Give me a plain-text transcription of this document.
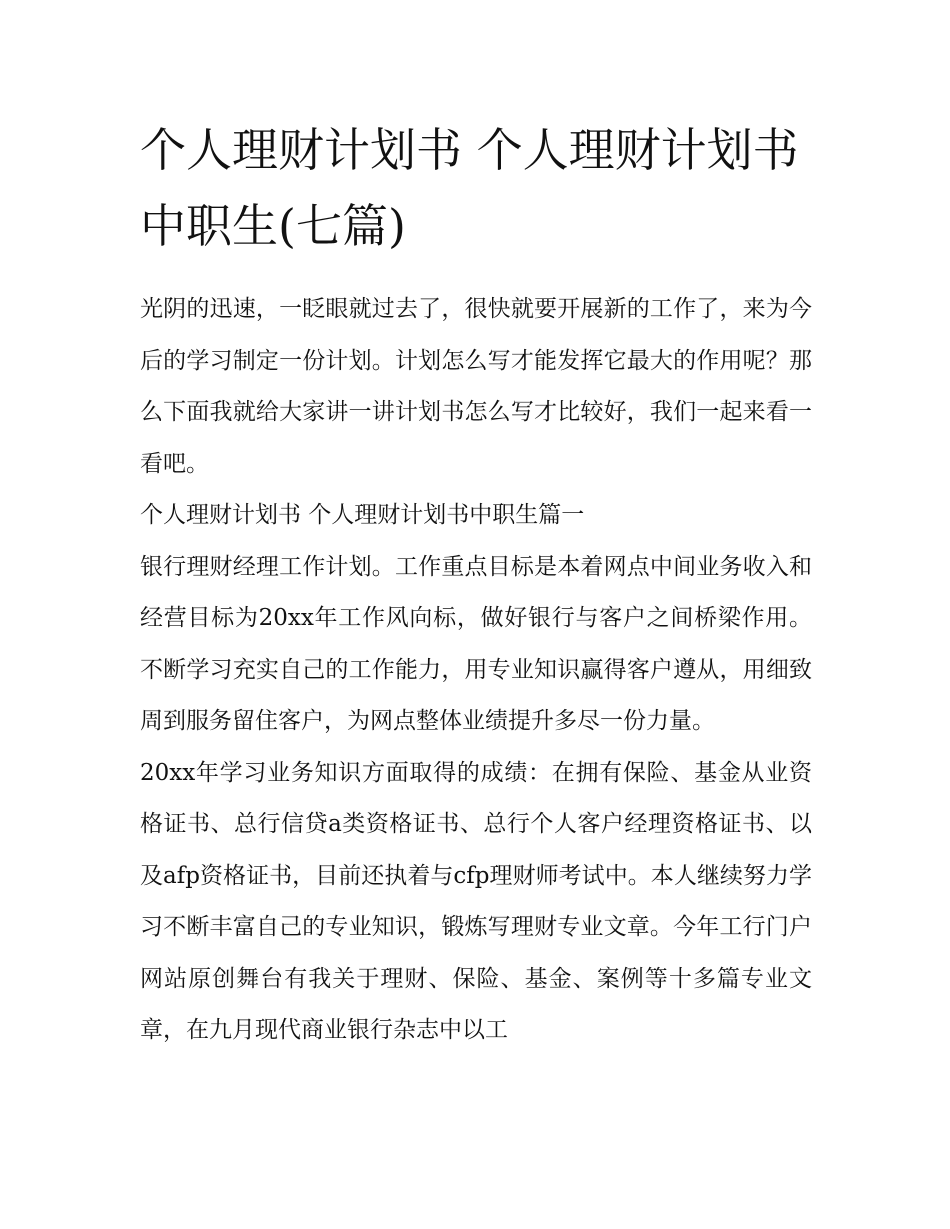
个人理财计划书 个人理财计划书中职生(七篇)

光阴的迅速，一眨眼就过去了，很快就要开展新的工作了，来为今后的学习制定一份计划。计划怎么写才能发挥它最大的作用呢？那么下面我就给大家讲一讲计划书怎么写才比较好，我们一起来看一看吧。

个人理财计划书 个人理财计划书中职生篇一

银行理财经理工作计划。工作重点目标是本着网点中间业务收入和经营目标为20xx年工作风向标，做好银行与客户之间桥梁作用。不断学习充实自己的工作能力，用专业知识赢得客户遵从，用细致周到服务留住客户，为网点整体业绩提升多尽一份力量。

20xx年学习业务知识方面取得的成绩：在拥有保险、基金从业资格证书、总行信贷a类资格证书、总行个人客户经理资格证书、以及afp资格证书，目前还执着与cfp理财师考试中。本人继续努力学习不断丰富自己的专业知识，锻炼写理财专业文章。今年工行门户网站原创舞台有我关于理财、保险、基金、案例等十多篇专业文章，在九月现代商业银行杂志中以工
